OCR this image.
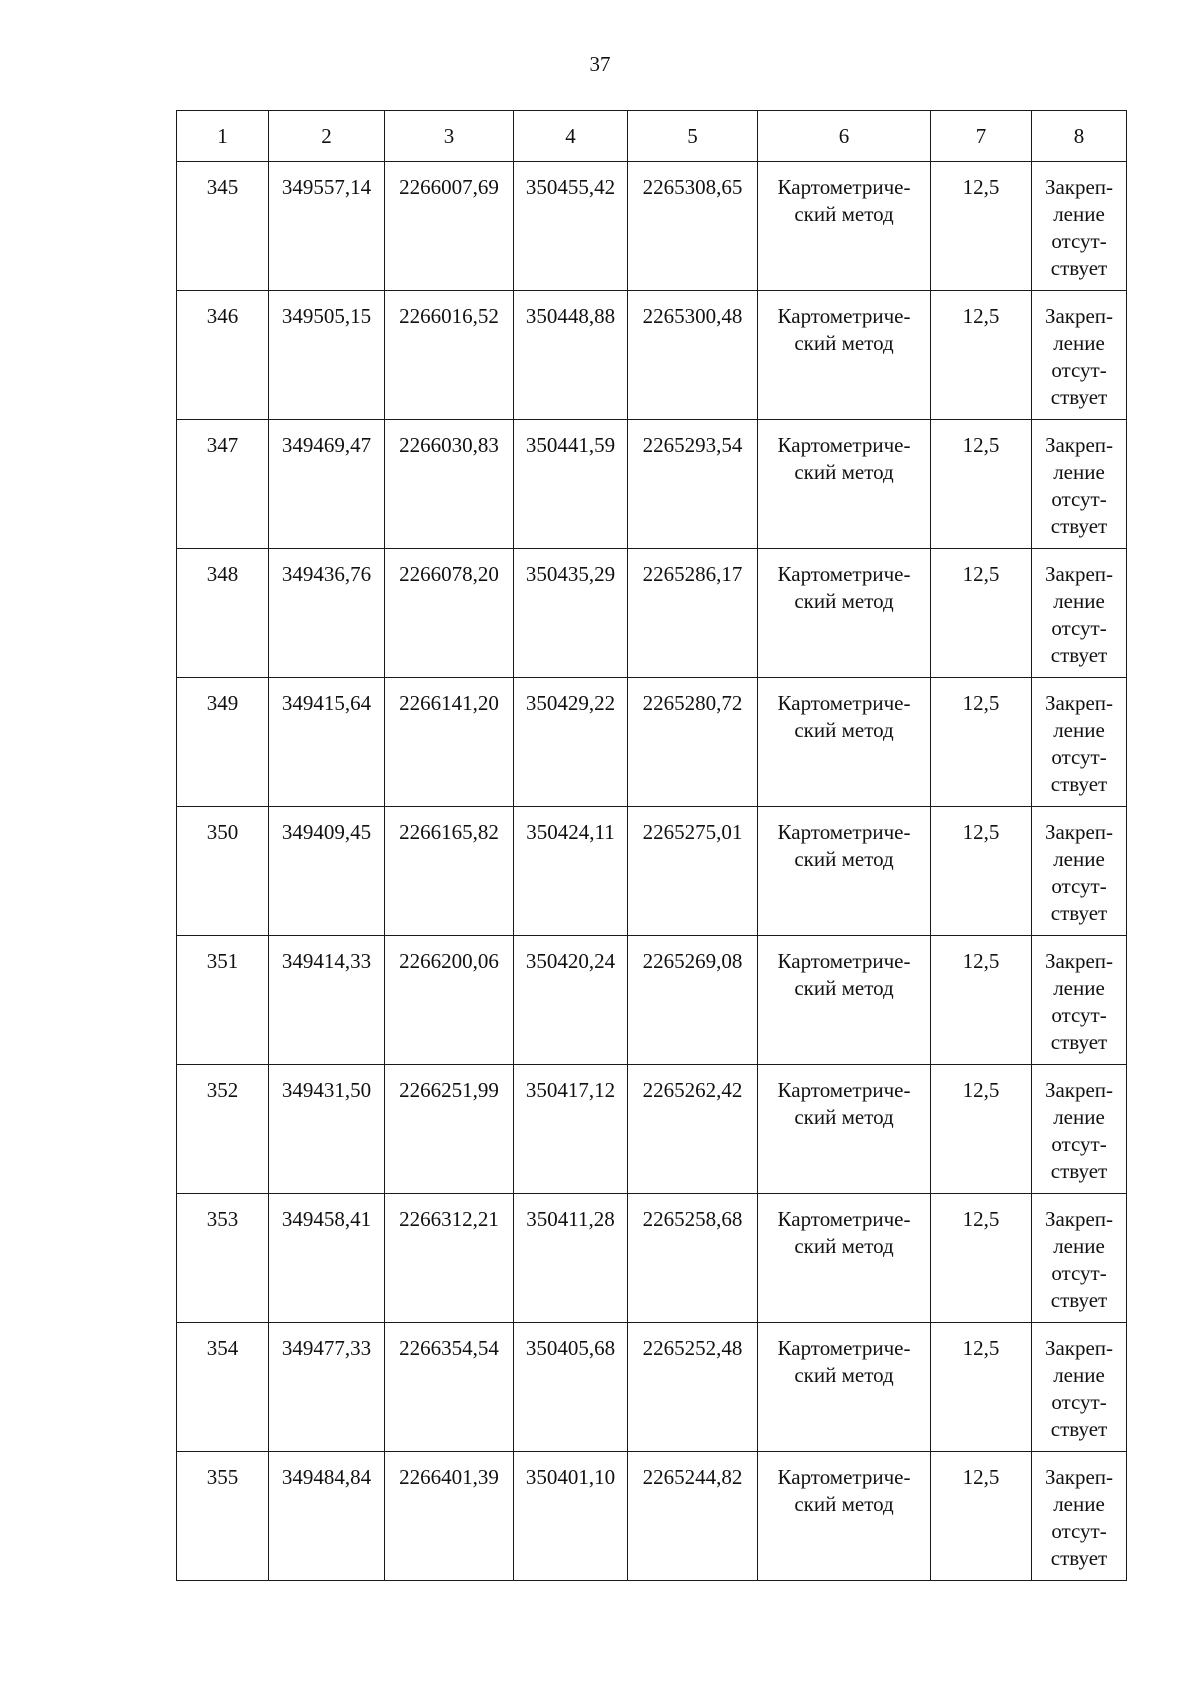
37
1	2	3	4	5	6	7	8
345	349557,14	2266007,69	350455,42	2265308,65	Картометриче-
ский метод	12,5	Закреп-
ление
отсут-
ствует

346	349505,15	2266016,52	350448,88	2265300,48	Картометриче-
ский метод	12,5	Закреп-
ление
отсут-
ствует

347	349469,47	2266030,83	350441,59	2265293,54	Картометриче-
ский метод	12,5	Закреп-
ление
отсут-
ствует

348	349436,76	2266078,20	350435,29	2265286,17	Картометриче-
ский метод	12,5	Закреп-
ление
отсут-
ствует

349	349415,64	2266141,20	350429,22	2265280,72	Картометриче-
ский метод	12,5	Закреп-
ление
отсут-
ствует

350	349409,45	2266165,82	350424,11	2265275,01	Картометриче-
ский метод	12,5	Закреп-
ление
отсут-
ствует

351	349414,33	2266200,06	350420,24	2265269,08	Картометриче-
ский метод	12,5	Закреп-
ление
отсут-
ствует

352	349431,50	2266251,99	350417,12	2265262,42	Картометриче-
ский метод	12,5	Закреп-
ление
отсут-
ствует

353	349458,41	2266312,21	350411,28	2265258,68	Картометриче-
ский метод	12,5	Закреп-
ление
отсут-
ствует

354	349477,33	2266354,54	350405,68	2265252,48	Картометриче-
ский метод	12,5	Закреп-
ление
отсут-
ствует

355	349484,84	2266401,39	350401,10	2265244,82	Картометриче-
ский метод	12,5	Закреп-
ление
отсут-
ствует
